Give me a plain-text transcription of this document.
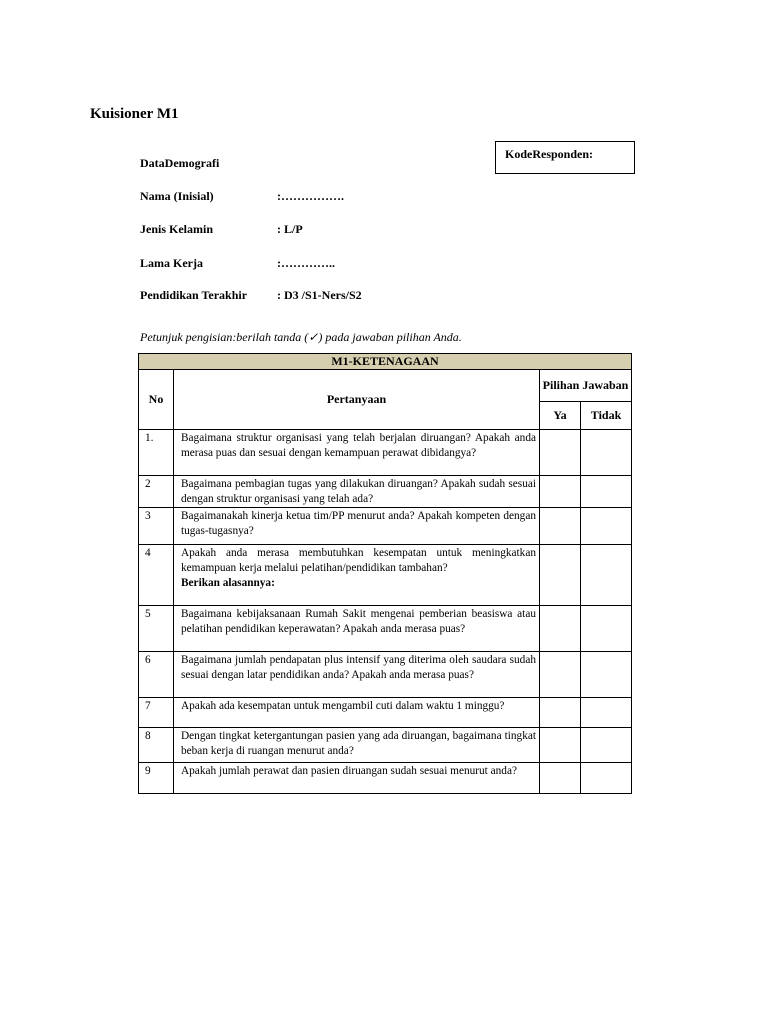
Kuisioner M1
KodeResponden:
DataDemografi
Nama (Inisial)	:…………….
Jenis Kelamin	: L/P
Lama Kerja	:…………..
Pendidikan Terakhir : D3 /S1-Ners/S2
Petunjuk pengisian:berilah tanda (✓) pada jawaban pilihan Anda.
M1-KETENAGAAN			
No	Pertanyaan	Pilihan Jawaban	
		Ya	Tidak
1.	Bagaimana struktur organisasi yang telah berjalan diruangan? Apakah anda merasa puas dan sesuai dengan kemampuan perawat dibidangya?		
2	Bagaimana pembagian tugas yang dilakukan diruangan? Apakah sudah sesuai dengan struktur organisasi yang telah ada?		
3	Bagaimanakah kinerja ketua tim/PP menurut anda? Apakah kompeten dengan tugas-tugasnya?		
4	Apakah anda merasa membutuhkan kesempatan untuk meningkatkan kemampuan kerja melalui pelatihan/pendidikan tambahan?
Berikan alasannya:		

5	Bagaimana kebijaksanaan Rumah Sakit mengenai pemberian beasiswa atau pelatihan pendidikan keperawatan? Apakah anda merasa puas?		
6	Bagaimana jumlah pendapatan plus intensif yang diterima oleh saudara sudah sesuai dengan latar pendidikan anda? Apakah anda merasa puas?		
7	Apakah ada kesempatan untuk mengambil cuti dalam waktu 1 minggu?		
8	Dengan tingkat ketergantungan pasien yang ada diruangan, bagaimana tingkat beban kerja di ruangan menurut anda?		
9	Apakah jumlah perawat dan pasien diruangan sudah sesuai menurut anda?		
